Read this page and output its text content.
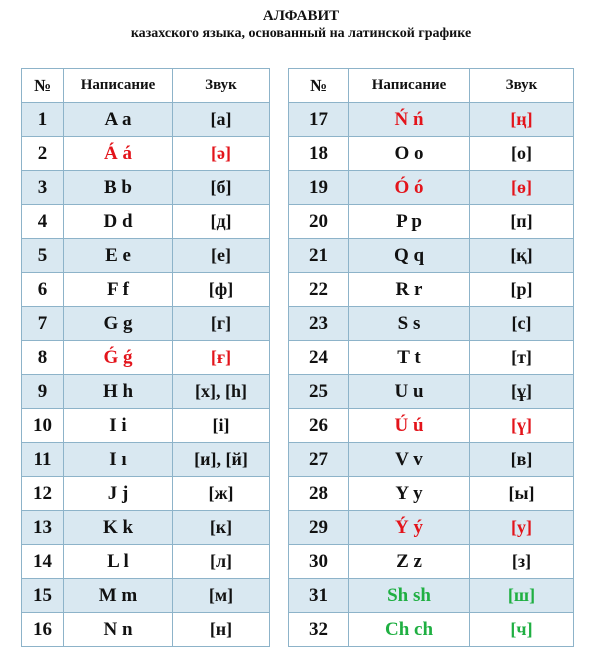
АЛФАВИТ
казахского языка, основанный на латинской графике
№	Написание	Звук
1	A a	[а]
2	Á á	[ә]
3	B b	[б]
4	D d	[д]
5	E e	[е]
6	F f	[ф]
7	G g	[г]
8	Ǵ ǵ	[ғ]
9	H h	[х], [h]
10	I i	[і]
11	I ı	[и], [й]
12	J j	[ж]
13	K k	[к]
14	L l	[л]
15	M m	[м]
16	N n	[н]
№	Написание	Звук
17	Ń ń	[ң]
18	O o	[о]
19	Ó ó	[ө]
20	P p	[п]
21	Q q	[қ]
22	R r	[р]
23	S s	[с]
24	T t	[т]
25	U u	[ұ]
26	Ú ú	[ү]
27	V v	[в]
28	Y y	[ы]
29	Ý ý	[у]
30	Z z	[з]
31	Sh sh	[ш]
32	Ch ch	[ч]
